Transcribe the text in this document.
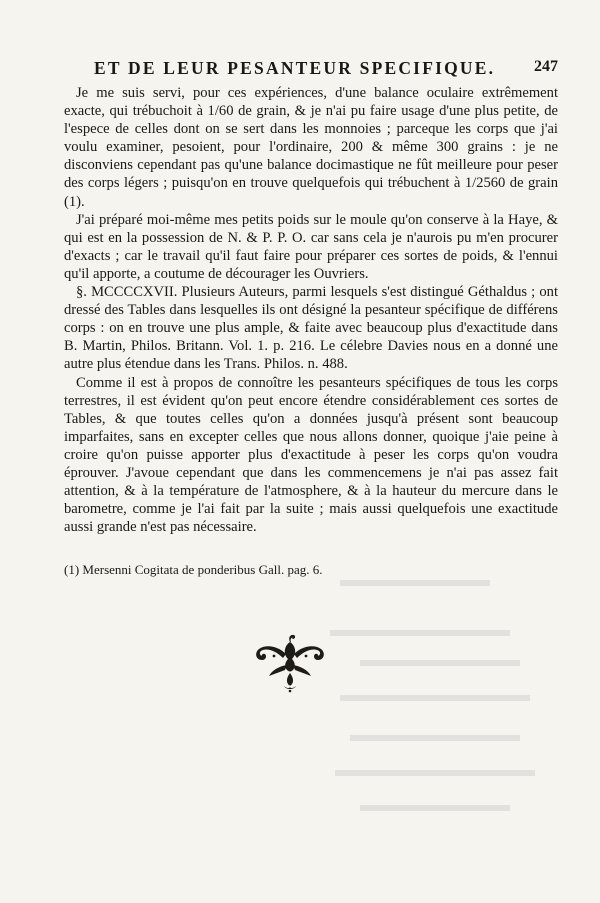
ET DE LEUR PESANTEUR SPECIFIQUE. 247

Je me suis servi, pour ces expériences, d'une balance oculaire extrêmement exacte, qui trébuchoit à 1/60 de grain, & je n'ai pu faire usage d'une plus petite, de l'espece de celles dont on se sert dans les monnoies ; parceque les corps que j'ai voulu examiner, pesoient, pour l'ordinaire, 200 & même 300 grains : je ne disconviens cependant pas qu'une balance docimastique ne fût meilleure pour peser des corps légers ; puisqu'on en trouve quelquefois qui trébuchent à 1/2560 de grain (1).

J'ai préparé moi-même mes petits poids sur le moule qu'on conserve à la Haye, & qui est en la possession de N. & P. P. O. car sans cela je n'aurois pu m'en procurer d'exacts ; car le travail qu'il faut faire pour préparer ces sortes de poids, & l'ennui qu'il apporte, a coutume de décourager les Ouvriers.

§. MCCCCXVII. Plusieurs Auteurs, parmi lesquels s'est distingué Géthaldus ; ont dressé des Tables dans lesquelles ils ont désigné la pesanteur spécifique de différens corps : on en trouve une plus ample, & faite avec beaucoup plus d'exactitude dans B. Martin, Philos. Britann. Vol. 1. p. 216. Le célebre Davies nous en a donné une autre plus étendue dans les Trans. Philos. n. 488.

Comme il est à propos de connoître les pesanteurs spécifiques de tous les corps terrestres, il est évident qu'on peut encore étendre considérablement ces sortes de Tables, & que toutes celles qu'on a données jusqu'à présent sont beaucoup imparfaites, sans en excepter celles que nous allons donner, quoique j'aie peine à croire qu'on puisse apporter plus d'exactitude à peser les corps qu'on voudra éprouver. J'avoue cependant que dans les commencemens je n'ai pas assez fait attention, & à la température de l'atmosphere, & à la hauteur du mercure dans le barometre, comme je l'ai fait par la suite ; mais aussi quelquefois une exactitude aussi grande n'est pas nécessaire.

(1) Mersenni Cogitata de ponderibus Gall. pag. 6.
